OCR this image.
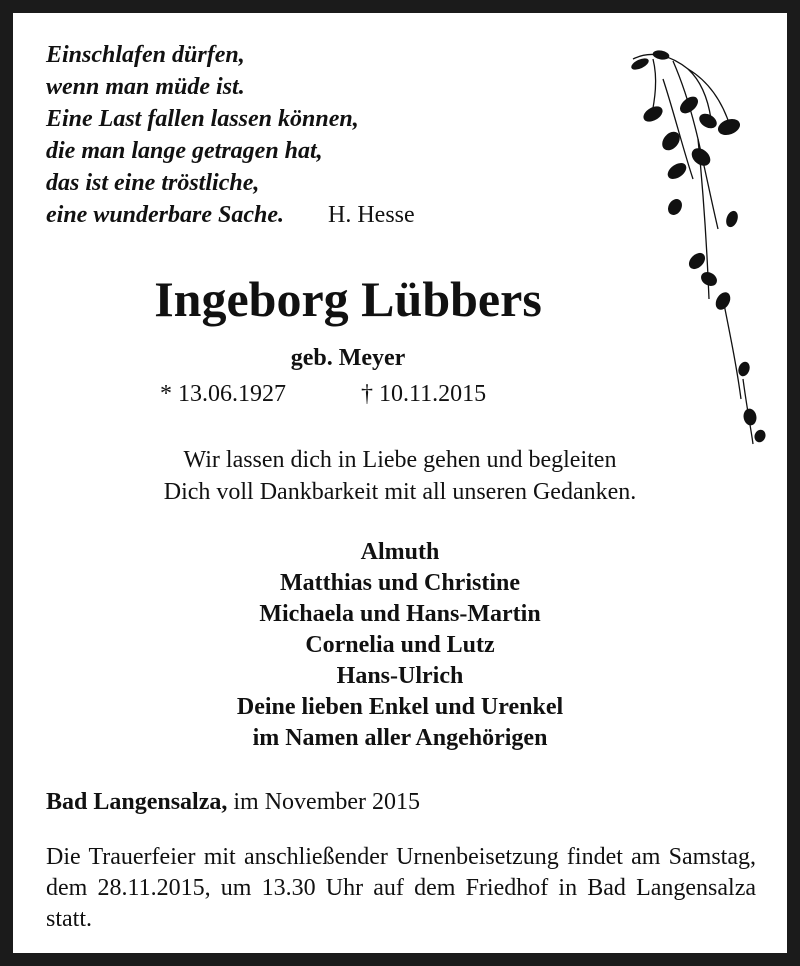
Einschlafen dürfen,
wenn man müde ist.
Eine Last fallen lassen können,
die man lange getragen hat,
das ist eine tröstliche,
eine wunderbare Sache. H. Hesse
Ingeborg Lübbers
geb. Meyer
* 13.06.1927	† 10.11.2015
Wir lassen dich in Liebe gehen und begleiten
Dich voll Dankbarkeit mit all unseren Gedanken.
Almuth
Matthias und Christine
Michaela und Hans-Martin
Cornelia und Lutz
Hans-Ulrich
Deine lieben Enkel und Urenkel
im Namen aller Angehörigen
Bad Langensalza, im November 2015
Die Trauerfeier mit anschließender Urnenbeisetzung findet am Samstag, dem 28.11.2015, um 13.30 Uhr auf dem Friedhof in Bad Langensalza statt.
